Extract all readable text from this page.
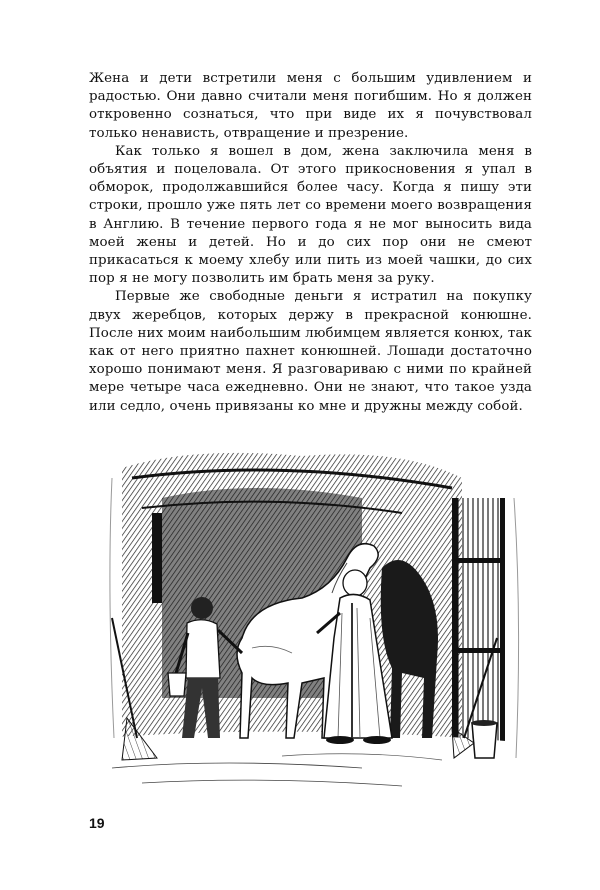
Жена и дети встретили меня с большим удивлением и радостью. Они давно считали меня погибшим. Но я должен откровенно сознаться, что при виде их я почувствовал только ненависть, отвращение и презрение.

Как только я вошел в дом, жена заключила меня в объятия и поцеловала. От этого прикосновения я упал в обморок, продолжавшийся более часу. Когда я пишу эти строки, прошло уже пять лет со времени моего возвращения в Англию. В течение первого года я не мог выносить вида моей жены и детей. Но и до сих пор они не смеют прикасаться к моему хлебу или пить из моей чашки, до сих пор я не могу позволить им брать меня за руку.

Первые же свободные деньги я истратил на покупку двух жеребцов, которых держу в прекрасной конюшне. После них моим наибольшим любимцем является конюх, так как от него приятно пахнет конюшней. Лошади достаточно хорошо понимают меня. Я разговариваю с ними по крайней мере четыре часа ежедневно. Они не знают, что такое узда или седло, очень привязаны ко мне и дружны между собой.

19
